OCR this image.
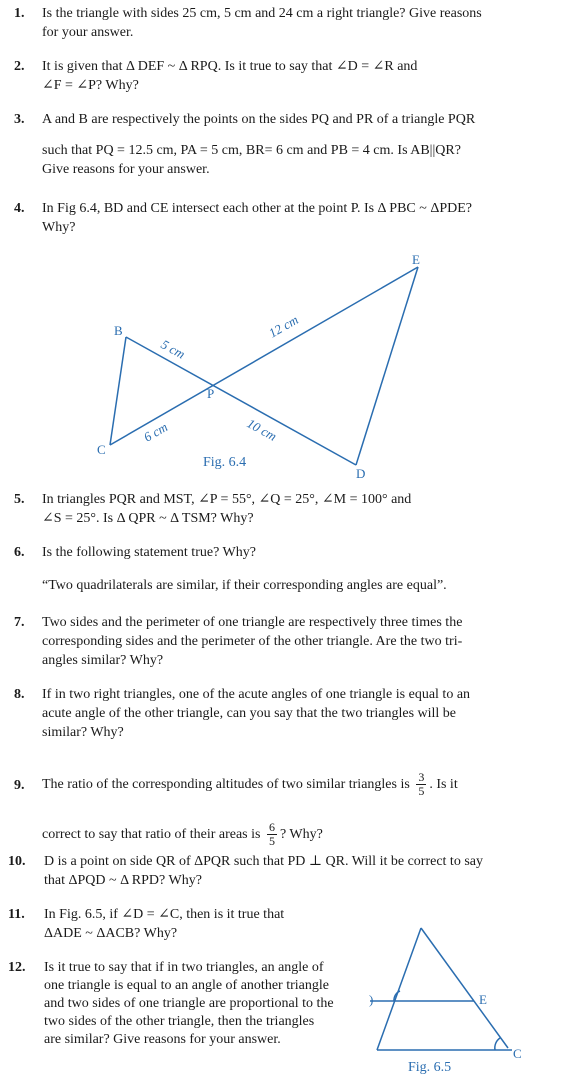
1. Is the triangle with sides 25 cm, 5 cm and 24 cm a right triangle? Give reasons
for your answer.
2. It is given that Δ DEF ~ Δ RPQ. Is it true to say that ∠D = ∠R and
∠F = ∠P? Why?
3. A and B are respectively the points on the sides PQ and PR of a triangle PQR
such that PQ = 12.5 cm, PA = 5 cm, BR= 6 cm and PB = 4 cm. Is AB||QR?
Give reasons for your answer.
4. In Fig 6.4, BD and CE intersect each other at the point P. Is Δ PBC ~ ΔPDE?
Why?
B
C
E
D
P
5 cm
12 cm
6 cm	10 cm
Fig. 6.4
5. In triangles PQR and MST, ∠P = 55°, ∠Q = 25°, ∠M = 100° and
∠S = 25°. Is Δ QPR ~ Δ TSM? Why?
6. Is the following statement true? Why?
“Two quadrilaterals are similar, if their corresponding angles are equal”.
7. Two sides and the perimeter of one triangle are respectively three times the
corresponding sides and the perimeter of the other triangle. Are the two tri-
angles similar? Why?
8. If in two right triangles, one of the acute angles of one triangle is equal to an
acute angle of the other triangle, can you say that the two triangles will be
similar? Why?
9. The ratio of the corresponding altitudes of two similar triangles is $\frac{3}{5}$ . Is it
correct to say that ratio of their areas is $\frac{6}{5}$ ? Why?
10. D is a point on side QR of ΔPQR such that PD ⊥ QR. Will it be correct to say
that ΔPQD ~ Δ RPD? Why?
11. In Fig. 6.5, if ∠D = ∠C, then is it true that
ΔADE ~ ΔACB? Why?
12. Is it true to say that if in two triangles, an angle of
one triangle is equal to an angle of another triangle
and two sides of one triangle are proportional to the
two sides of the other triangle, then the triangles
are similar? Give reasons for your answer.
)	E
C
Fig. 6.5
